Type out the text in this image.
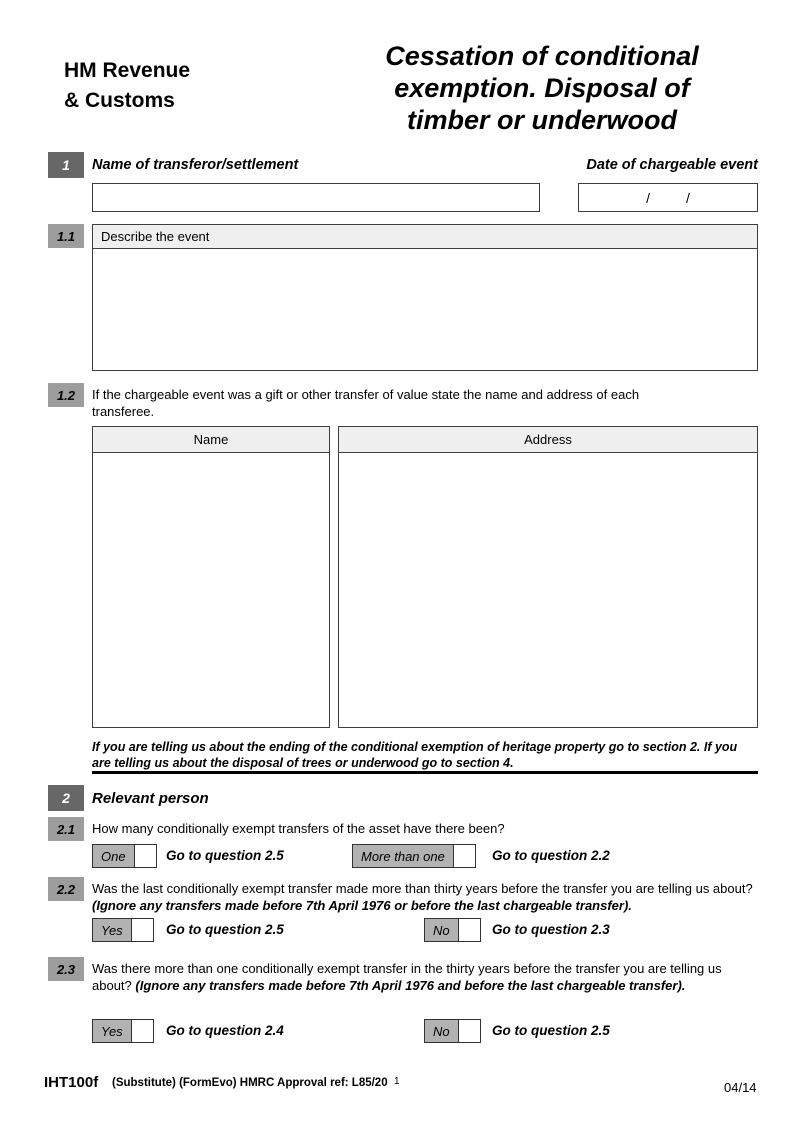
HM Revenue
& Customs
Cessation of conditional
exemption. Disposal of
timber or underwood
1	Name of transferor/settlement	Date of chargeable event
/	/
1.1	Describe the event
1.2	If the chargeable event was a gift or other transfer of value state the name and address of each transferee.
Name	Address
If you are telling us about the ending of the conditional exemption of heritage property go to section 2. If you are telling us about the disposal of trees or underwood go to section 4.
2	Relevant person
2.1	How many conditionally exempt transfers of the asset have there been?
One	Go to question 2.5	More than one	Go to question 2.2
2.2	Was the last conditionally exempt transfer made more than thirty years before the transfer you are telling us about? (Ignore any transfers made before 7th April 1976 or before the last chargeable transfer).
Yes	Go to question 2.5	No	Go to question 2.3
2.3	Was there more than one conditionally exempt transfer in the thirty years before the transfer you are telling us about? (Ignore any transfers made before 7th April 1976 and before the last chargeable transfer).
Yes	Go to question 2.4	No	Go to question 2.5
IHT100f (Substitute) (FormEvo) HMRC Approval ref: L85/20 1	04/14
